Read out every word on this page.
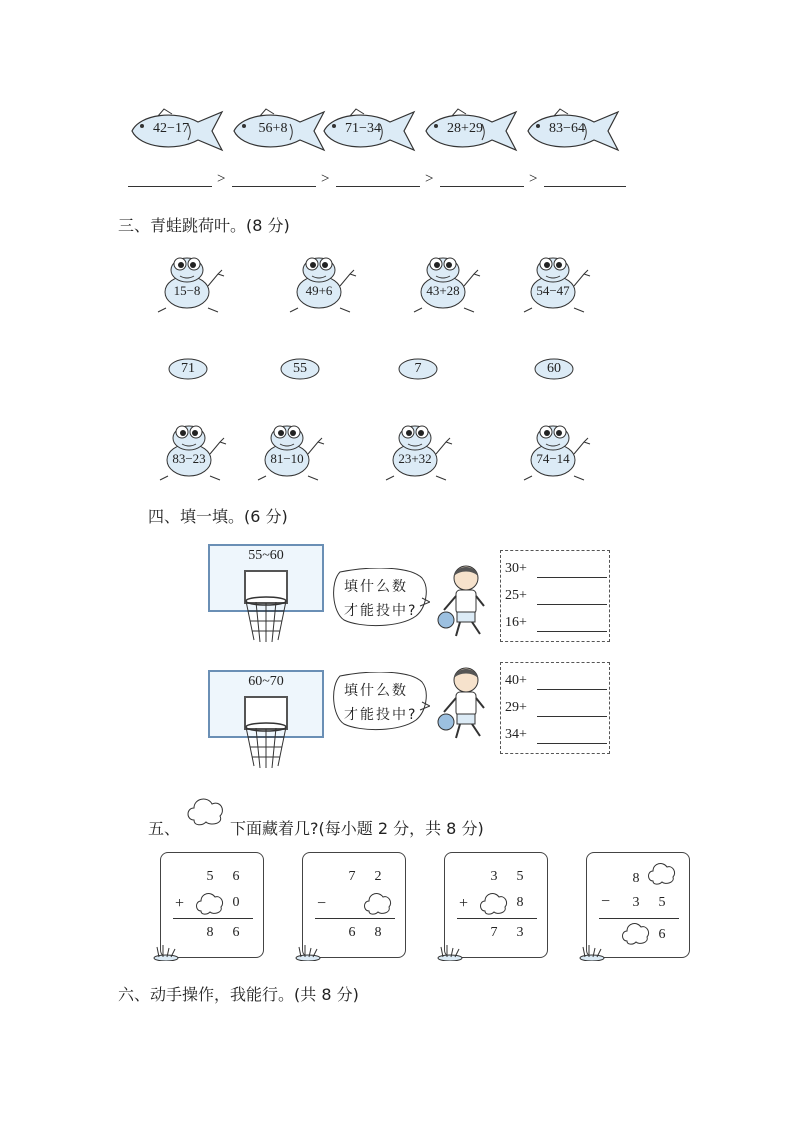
42−17	56+8	71−34	28+29	83−64
>	>	>	>
三、青蛙跳荷叶。(8 分)
15−8	49+6	43+28	54−47
71	55	7	60
83−23	81−10	23+32	74−14
四、填一填。(6 分)
55~60
填什么数
才能投中?
30+
25+
16+
60~70
填什么数
才能投中?
40+
29+
34+
五、	下面藏着几?(每小题 2 分，共 8 分)
5 6
+	0
8 6
7 2
−
6 8
3 5
+	8
7 3
8
− 3 5
6
六、动手操作，我能行。(共 8 分)
